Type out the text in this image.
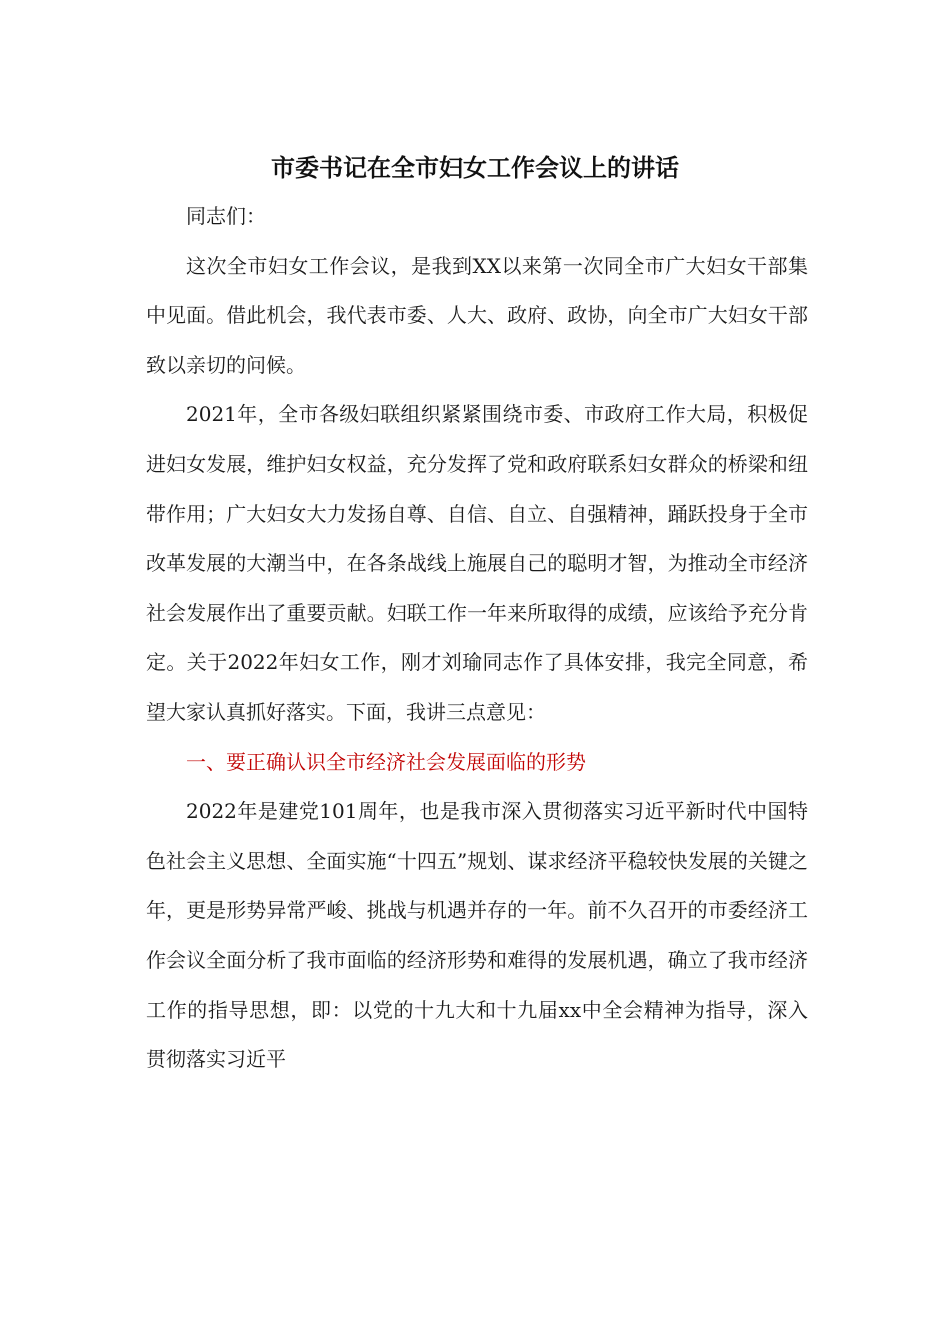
市委书记在全市妇女工作会议上的讲话

同志们：

这次全市妇女工作会议，是我到XX以来第一次同全市广大妇女干部集中见面。借此机会，我代表市委、人大、政府、政协，向全市广大妇女干部致以亲切的问候。

2021年，全市各级妇联组织紧紧围绕市委、市政府工作大局，积极促进妇女发展，维护妇女权益，充分发挥了党和政府联系妇女群众的桥梁和纽带作用；广大妇女大力发扬自尊、自信、自立、自强精神，踊跃投身于全市改革发展的大潮当中，在各条战线上施展自己的聪明才智，为推动全市经济社会发展作出了重要贡献。妇联工作一年来所取得的成绩，应该给予充分肯定。关于2022年妇女工作，刚才刘瑜同志作了具体安排，我完全同意，希望大家认真抓好落实。下面，我讲三点意见：

一、要正确认识全市经济社会发展面临的形势

2022年是建党101周年，也是我市深入贯彻落实习近平新时代中国特色社会主义思想、全面实施“十四五”规划、谋求经济平稳较快发展的关键之年，更是形势异常严峻、挑战与机遇并存的一年。前不久召开的市委经济工作会议全面分析了我市面临的经济形势和难得的发展机遇，确立了我市经济工作的指导思想，即：以党的十九大和十九届xx中全会精神为指导，深入贯彻落实习近平
